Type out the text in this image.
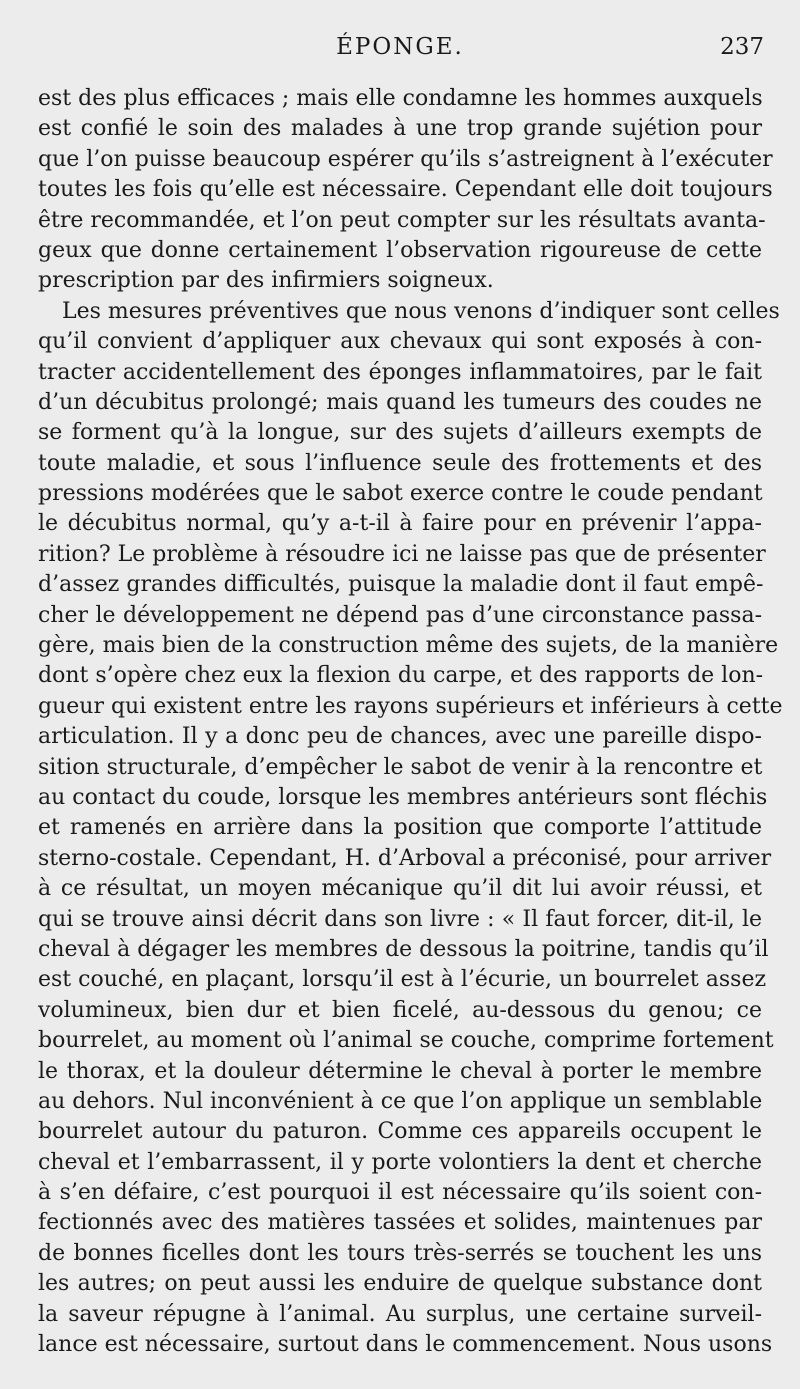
ÉPONGE.	237
est des plus efficaces ; mais elle condamne les hommes auxquels
est confié le soin des malades à une trop grande sujétion pour
que l’on puisse beaucoup espérer qu’ils s’astreignent à l’exécuter
toutes les fois qu’elle est nécessaire. Cependant elle doit toujours
être recommandée, et l’on peut compter sur les résultats avanta-
geux que donne certainement l’observation rigoureuse de cette
prescription par des infirmiers soigneux.
Les mesures préventives que nous venons d’indiquer sont celles
qu’il convient d’appliquer aux chevaux qui sont exposés à con-
tracter accidentellement des éponges inflammatoires, par le fait
d’un décubitus prolongé; mais quand les tumeurs des coudes ne
se forment qu’à la longue, sur des sujets d’ailleurs exempts de
toute maladie, et sous l’influence seule des frottements et des
pressions modérées que le sabot exerce contre le coude pendant
le décubitus normal, qu’y a-t-il à faire pour en prévenir l’appa-
rition? Le problème à résoudre ici ne laisse pas que de présenter
d’assez grandes difficultés, puisque la maladie dont il faut empê-
cher le développement ne dépend pas d’une circonstance passa-
gère, mais bien de la construction même des sujets, de la manière
dont s’opère chez eux la flexion du carpe, et des rapports de lon-
gueur qui existent entre les rayons supérieurs et inférieurs à cette
articulation. Il y a donc peu de chances, avec une pareille dispo-
sition structurale, d’empêcher le sabot de venir à la rencontre et
au contact du coude, lorsque les membres antérieurs sont fléchis
et ramenés en arrière dans la position que comporte l’attitude
sterno-costale. Cependant, H. d’Arboval a préconisé, pour arriver
à ce résultat, un moyen mécanique qu’il dit lui avoir réussi, et
qui se trouve ainsi décrit dans son livre : « Il faut forcer, dit-il, le
cheval à dégager les membres de dessous la poitrine, tandis qu’il
est couché, en plaçant, lorsqu’il est à l’écurie, un bourrelet assez
volumineux, bien dur et bien ficelé, au-dessous du genou; ce
bourrelet, au moment où l’animal se couche, comprime fortement
le thorax, et la douleur détermine le cheval à porter le membre
au dehors. Nul inconvénient à ce que l’on applique un semblable
bourrelet autour du paturon. Comme ces appareils occupent le
cheval et l’embarrassent, il y porte volontiers la dent et cherche
à s’en défaire, c’est pourquoi il est nécessaire qu’ils soient con-
fectionnés avec des matières tassées et solides, maintenues par
de bonnes ficelles dont les tours très-serrés se touchent les uns
les autres; on peut aussi les enduire de quelque substance dont
la saveur répugne à l’animal. Au surplus, une certaine surveil-
lance est nécessaire, surtout dans le commencement. Nous usons
